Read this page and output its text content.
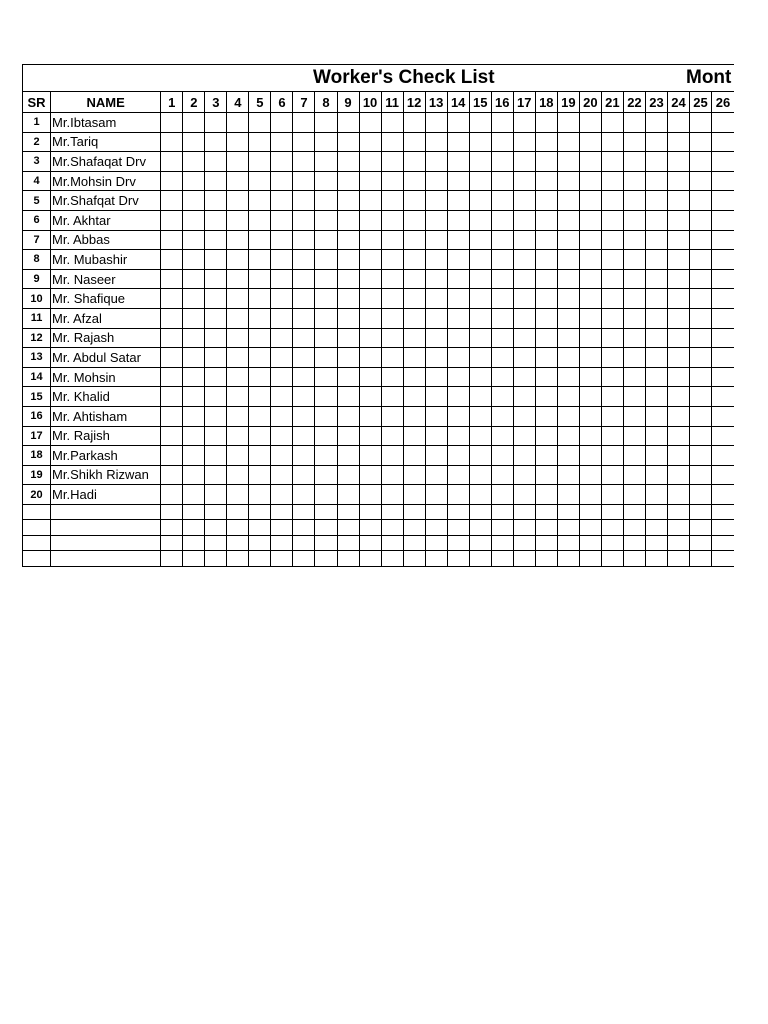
Worker's Check List	Mont
SR	NAME	1	2	3	4	5	6	7	8	9	10	11	12	13	14	15	16	17	18	19	20	21	22	23	24	25	26
1	Mr.Ibtasam																										
2	Mr.Tariq																										
3	Mr.Shafaqat Drv																										
4	Mr.Mohsin Drv																										
5	Mr.Shafqat Drv																										
6	Mr. Akhtar																										
7	Mr. Abbas																										
8	Mr. Mubashir																										
9	Mr. Naseer																										
10	Mr. Shafique																										
11	Mr. Afzal																										
12	Mr. Rajash																										
13	Mr. Abdul Satar																										
14	Mr. Mohsin																										
15	Mr. Khalid																										
16	Mr. Ahtisham																										
17	Mr. Rajish																										
18	Mr.Parkash																										
19	Mr.Shikh Rizwan																										
20	Mr.Hadi																										
